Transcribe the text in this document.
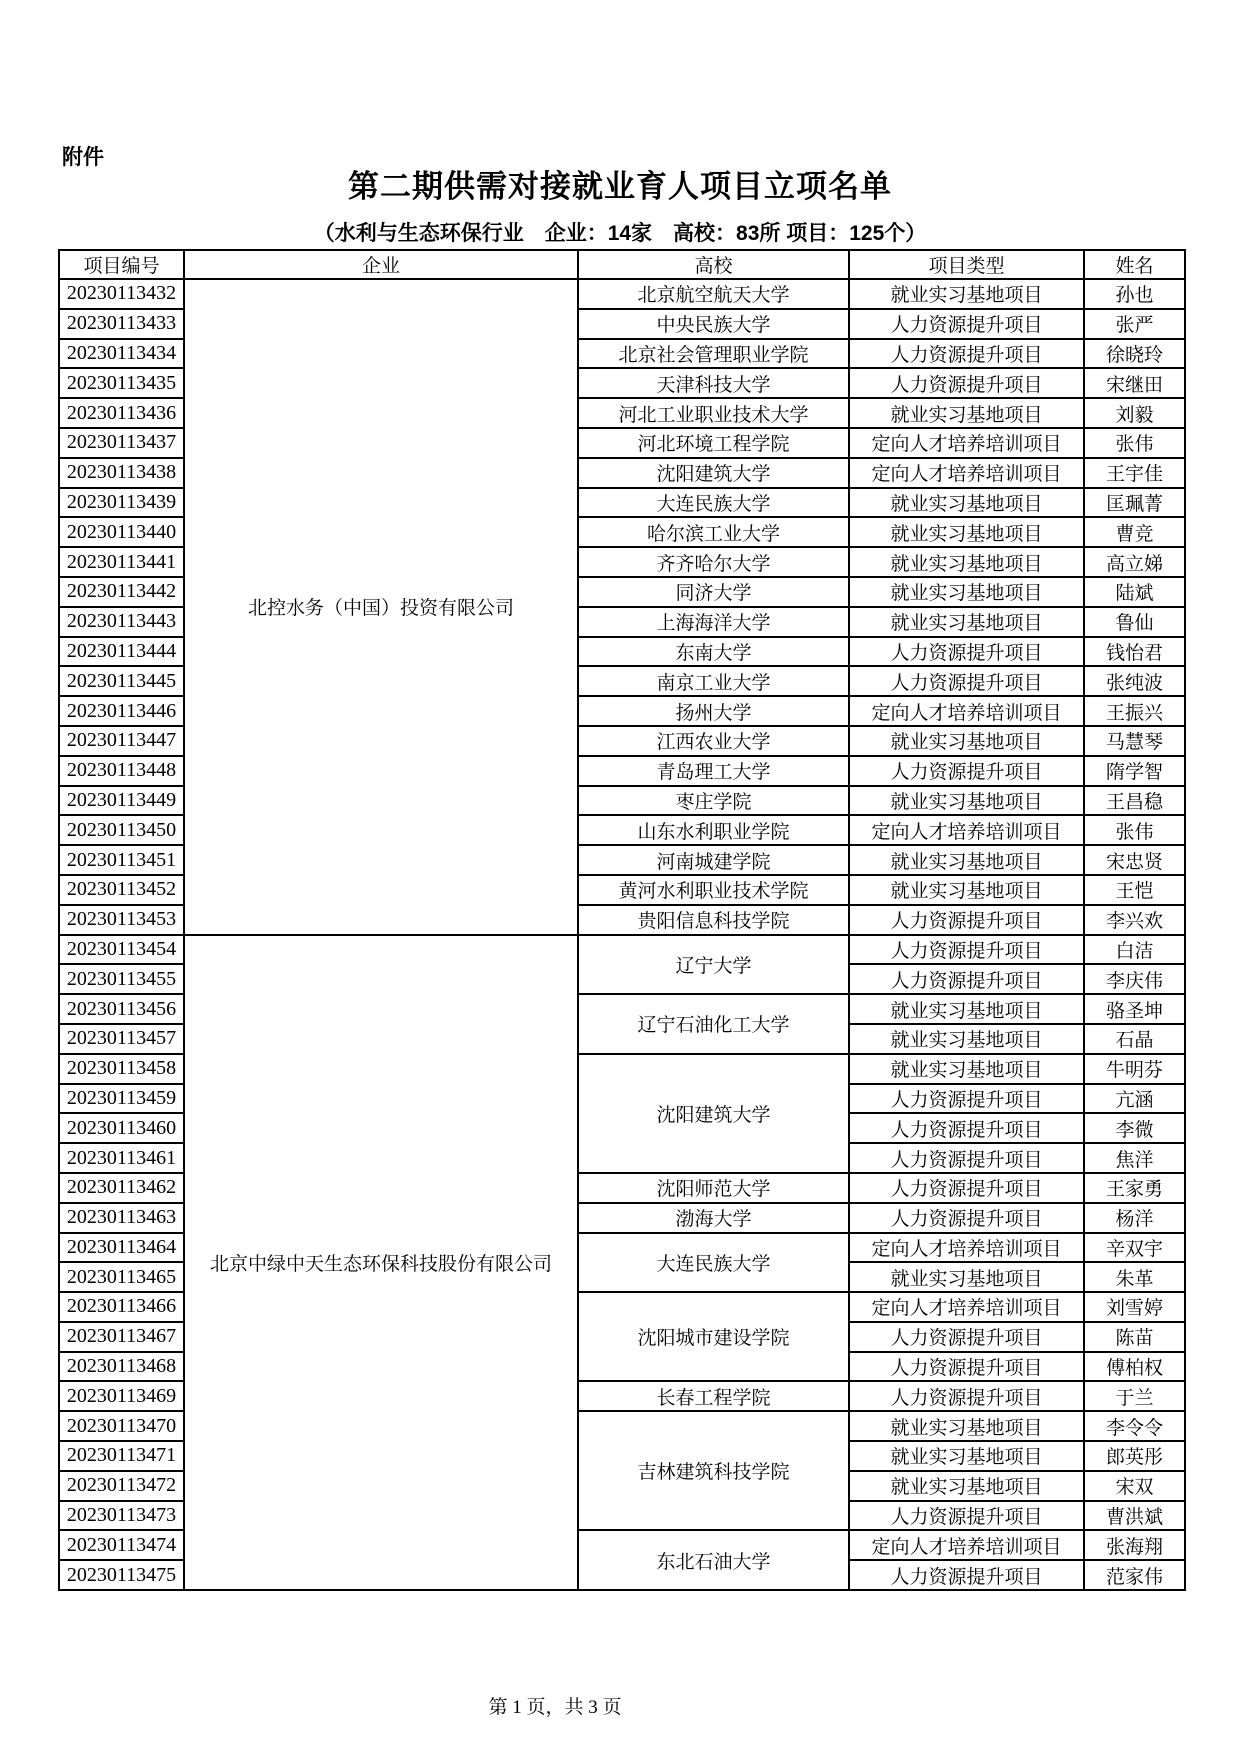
附件
第二期供需对接就业育人项目立项名单
（水利与生态环保行业　企业：14家　高校：83所 项目：125个）
项目编号	企业	高校	项目类型	姓名
20230113432	北控水务（中国）投资有限公司	北京航空航天大学	就业实习基地项目	孙也
20230113433		中央民族大学	人力资源提升项目	张严
20230113434		北京社会管理职业学院	人力资源提升项目	徐晓玲
20230113435		天津科技大学	人力资源提升项目	宋继田
20230113436		河北工业职业技术大学	就业实习基地项目	刘毅
20230113437		河北环境工程学院	定向人才培养培训项目	张伟
20230113438		沈阳建筑大学	定向人才培养培训项目	王宇佳
20230113439		大连民族大学	就业实习基地项目	匡珮菁
20230113440		哈尔滨工业大学	就业实习基地项目	曹竞
20230113441		齐齐哈尔大学	就业实习基地项目	高立娣
20230113442		同济大学	就业实习基地项目	陆斌
20230113443		上海海洋大学	就业实习基地项目	鲁仙
20230113444		东南大学	人力资源提升项目	钱怡君
20230113445		南京工业大学	人力资源提升项目	张纯波
20230113446		扬州大学	定向人才培养培训项目	王振兴
20230113447		江西农业大学	就业实习基地项目	马慧琴
20230113448		青岛理工大学	人力资源提升项目	隋学智
20230113449		枣庄学院	就业实习基地项目	王昌稳
20230113450		山东水利职业学院	定向人才培养培训项目	张伟
20230113451		河南城建学院	就业实习基地项目	宋忠贤
20230113452		黄河水利职业技术学院	就业实习基地项目	王恺
20230113453		贵阳信息科技学院	人力资源提升项目	李兴欢
20230113454	北京中绿中天生态环保科技股份有限公司	辽宁大学	人力资源提升项目	白洁
20230113455			人力资源提升项目	李庆伟
20230113456		辽宁石油化工大学	就业实习基地项目	骆圣坤
20230113457			就业实习基地项目	石晶
20230113458		沈阳建筑大学	就业实习基地项目	牛明芬
20230113459			人力资源提升项目	亢涵
20230113460			人力资源提升项目	李微
20230113461			人力资源提升项目	焦洋
20230113462		沈阳师范大学	人力资源提升项目	王家勇
20230113463		渤海大学	人力资源提升项目	杨洋
20230113464		大连民族大学	定向人才培养培训项目	辛双宇
20230113465			就业实习基地项目	朱革
20230113466		沈阳城市建设学院	定向人才培养培训项目	刘雪婷
20230113467			人力资源提升项目	陈苗
20230113468			人力资源提升项目	傅柏权
20230113469		长春工程学院	人力资源提升项目	于兰
20230113470		吉林建筑科技学院	就业实习基地项目	李令令
20230113471			就业实习基地项目	郎英彤
20230113472			就业实习基地项目	宋双
20230113473			人力资源提升项目	曹洪斌
20230113474		东北石油大学	定向人才培养培训项目	张海翔
20230113475			人力资源提升项目	范家伟
第 1 页，共 3 页
